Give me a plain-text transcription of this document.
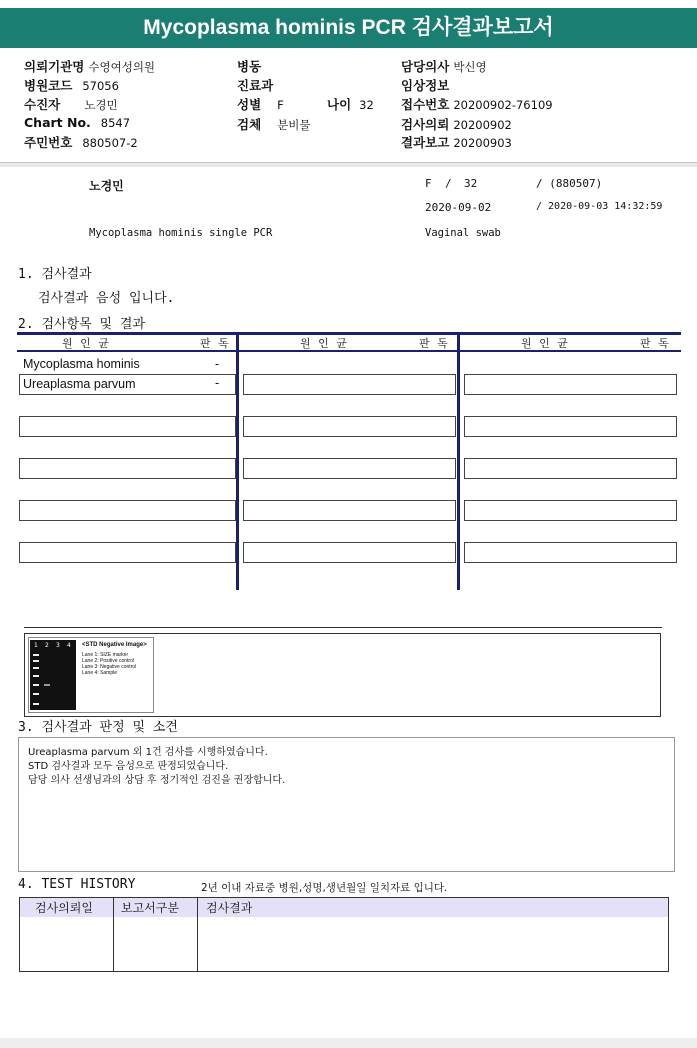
Mycoplasma hominis PCR 검사결과보고서
의뢰기관명 수영여성의원	병동	담당의사 박신영
병원코드 57056	진료과	임상정보
수진자 노경민	성별 F	나이 32 접수번호 20200902-76109
Chart No. 8547	검체 분비물	검사의뢰 20200902
주민번호 880507-2	결과보고 20200903
노경민	F / 32	/ (880507)
2020-09-02	/ 2020-09-03 14:32:59
Mycoplasma hominis single PCR	Vaginal swab
1. 검사결과
검사결과 음성 입니다.
2. 검사항목 및 결과
원 인 균	판 독	원 인 균	판 독	원 인 균	판 독
Mycoplasma hominis	-
Ureaplasma parvum	-
1 2 3 4 <STD Negative Image>
Lane 1: SIZE marker
Lane 2: Positive control
Lane 3: Negative control
Lane 4: Sample
3. 검사결과 판정 및 소견
Ureaplasma parvum 외 1건 검사를 시행하였습니다.
STD 검사결과 모두 음성으로 판정되었습니다.
담당 의사 선생님과의 상담 후 정기적인 검진을 권장합니다.
4. TEST HISTORY	2년 이내 자료중 병원,성명,생년월일 일치자료 입니다.
검사의뢰일 보고서구분 검사결과
